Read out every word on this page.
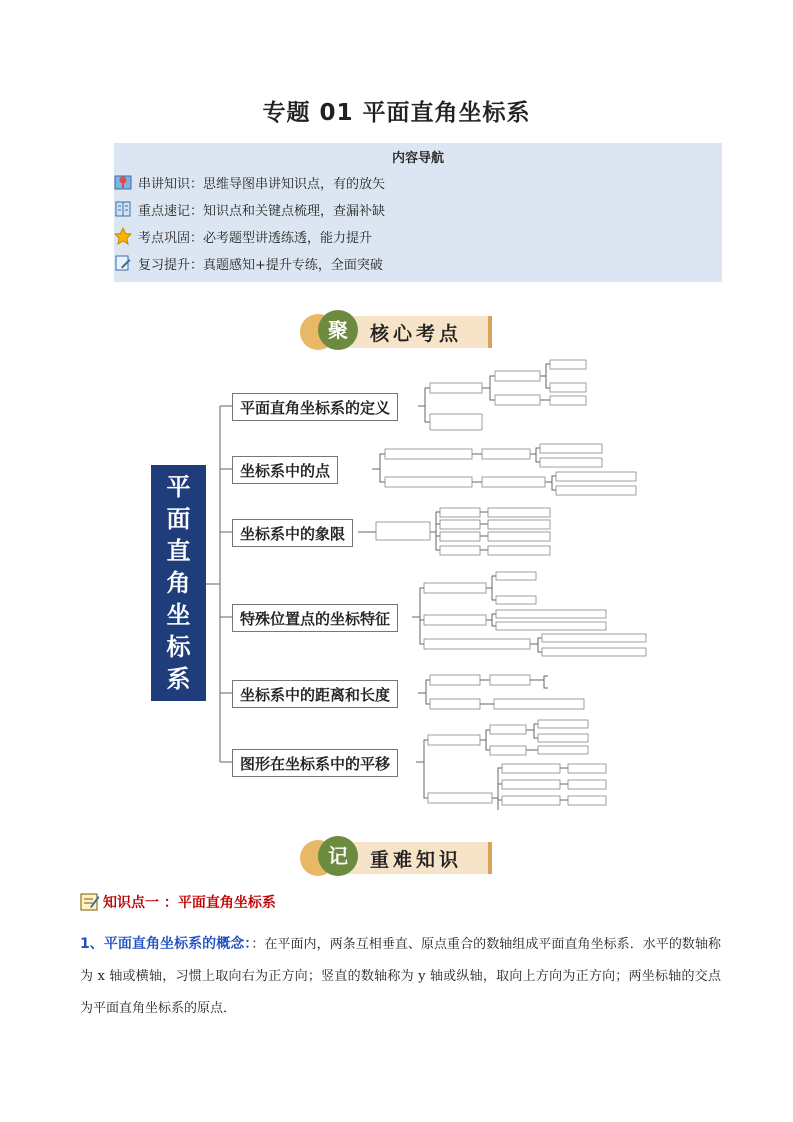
专题 01 平面直角坐标系
内容导航
串讲知识：思维导图串讲知识点，有的放矢
重点速记：知识点和关键点梳理，查漏补缺
考点巩固：必考题型讲透练透，能力提升
复习提升：真题感知+提升专练，全面突破
聚	核心考点
平
面
直
角
坐
标
系
平面直角坐标系的定义
坐标系中的点
坐标系中的象限
特殊位置点的坐标特征
坐标系中的距离和长度
图形在坐标系中的平移
记	重难知识
知识点一 ：平面直角坐标系
1、平面直角坐标系的概念：：在平面内，两条互相垂直、原点重合的数轴组成平面直角坐标系．水平的数轴称为 x 轴或横轴，习惯上取向右为正方向；竖直的数轴称为 y 轴或纵轴，取向上方向为正方向；两坐标轴的交点为平面直角坐标系的原点．
